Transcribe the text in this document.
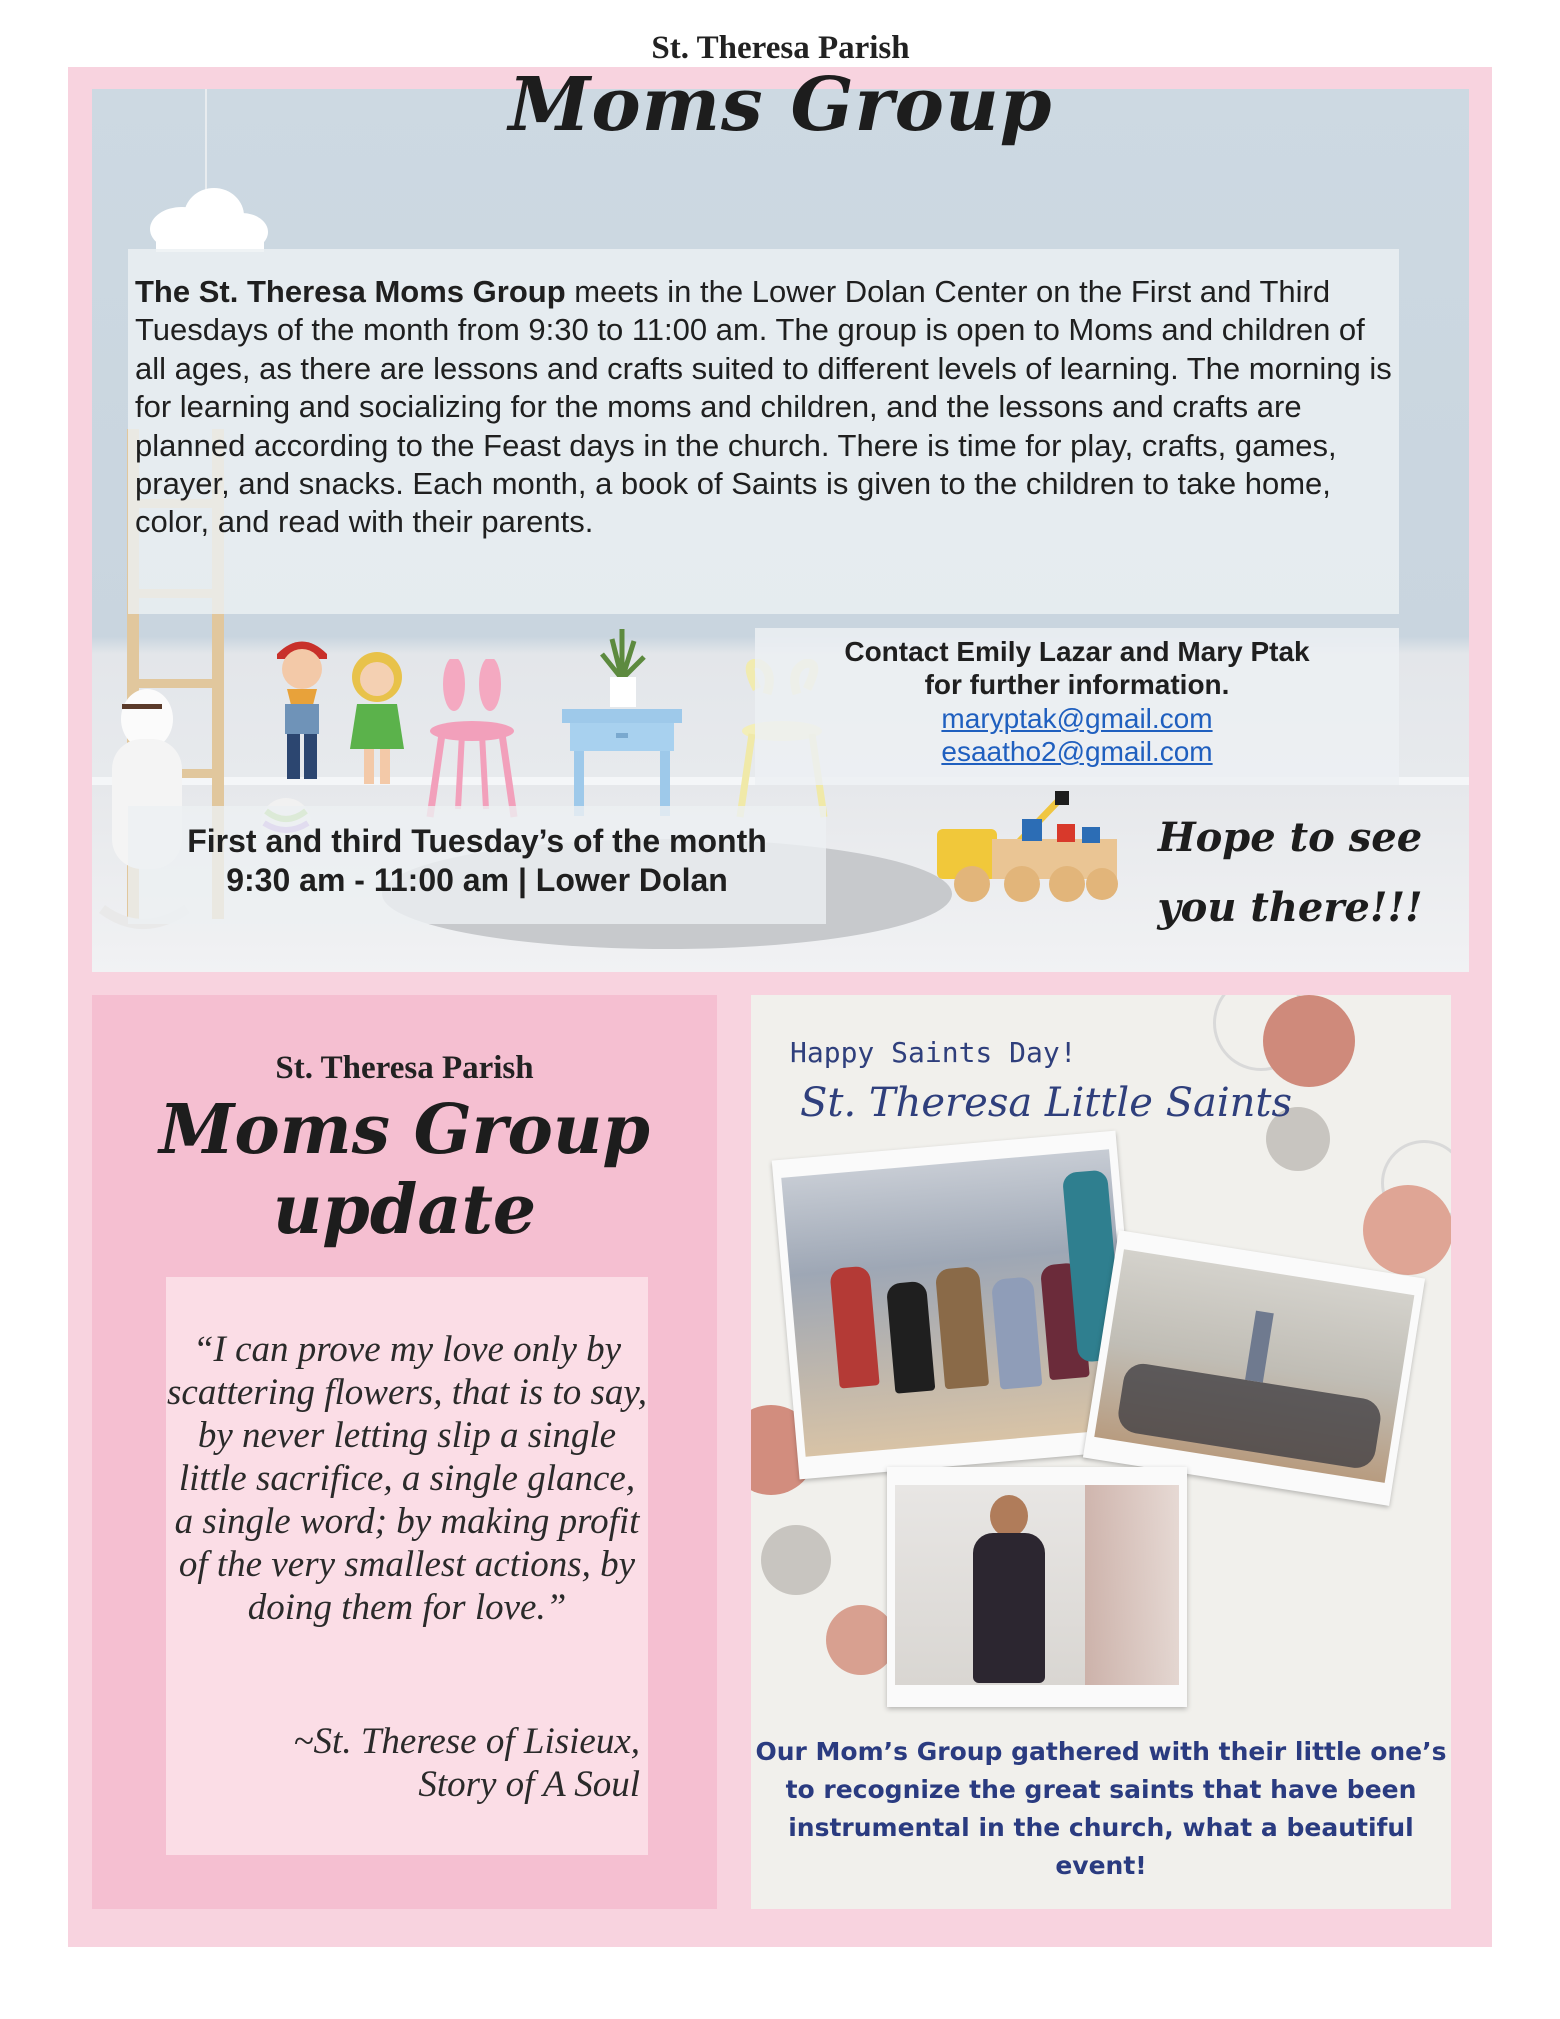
St. Theresa Parish
Moms Group
The St. Theresa Moms Group meets in the Lower Dolan Center on the First and Third Tuesdays of the month from 9:30 to 11:00 am. The group is open to Moms and children of all ages, as there are lessons and crafts suited to different levels of learning. The morning is for learning and socializing for the moms and children, and the lessons and crafts are planned according to the Feast days in the church. There is time for play, crafts, games, prayer, and snacks. Each month, a book of Saints is given to the children to take home, color, and read with their parents.
Contact Emily Lazar and Mary Ptak
for further information.
maryptak@gmail.com
esaatho2@gmail.com
First and third Tuesday’s of the month
9:30 am - 11:00 am | Lower Dolan
Hope to see
you there!!!
St. Theresa Parish
Moms Group
update
“I can prove my love only by scattering flowers, that is to say, by never letting slip a single little sacrifice, a single glance, a single word; by making profit of the very smallest actions, by doing them for love.”
~St. Therese of Lisieux,
Story of A Soul
Happy Saints Day!
St. Theresa Little Saints
Our Mom’s Group gathered with their little one’s to recognize the great saints that have been instrumental in the church, what a beautiful event!
